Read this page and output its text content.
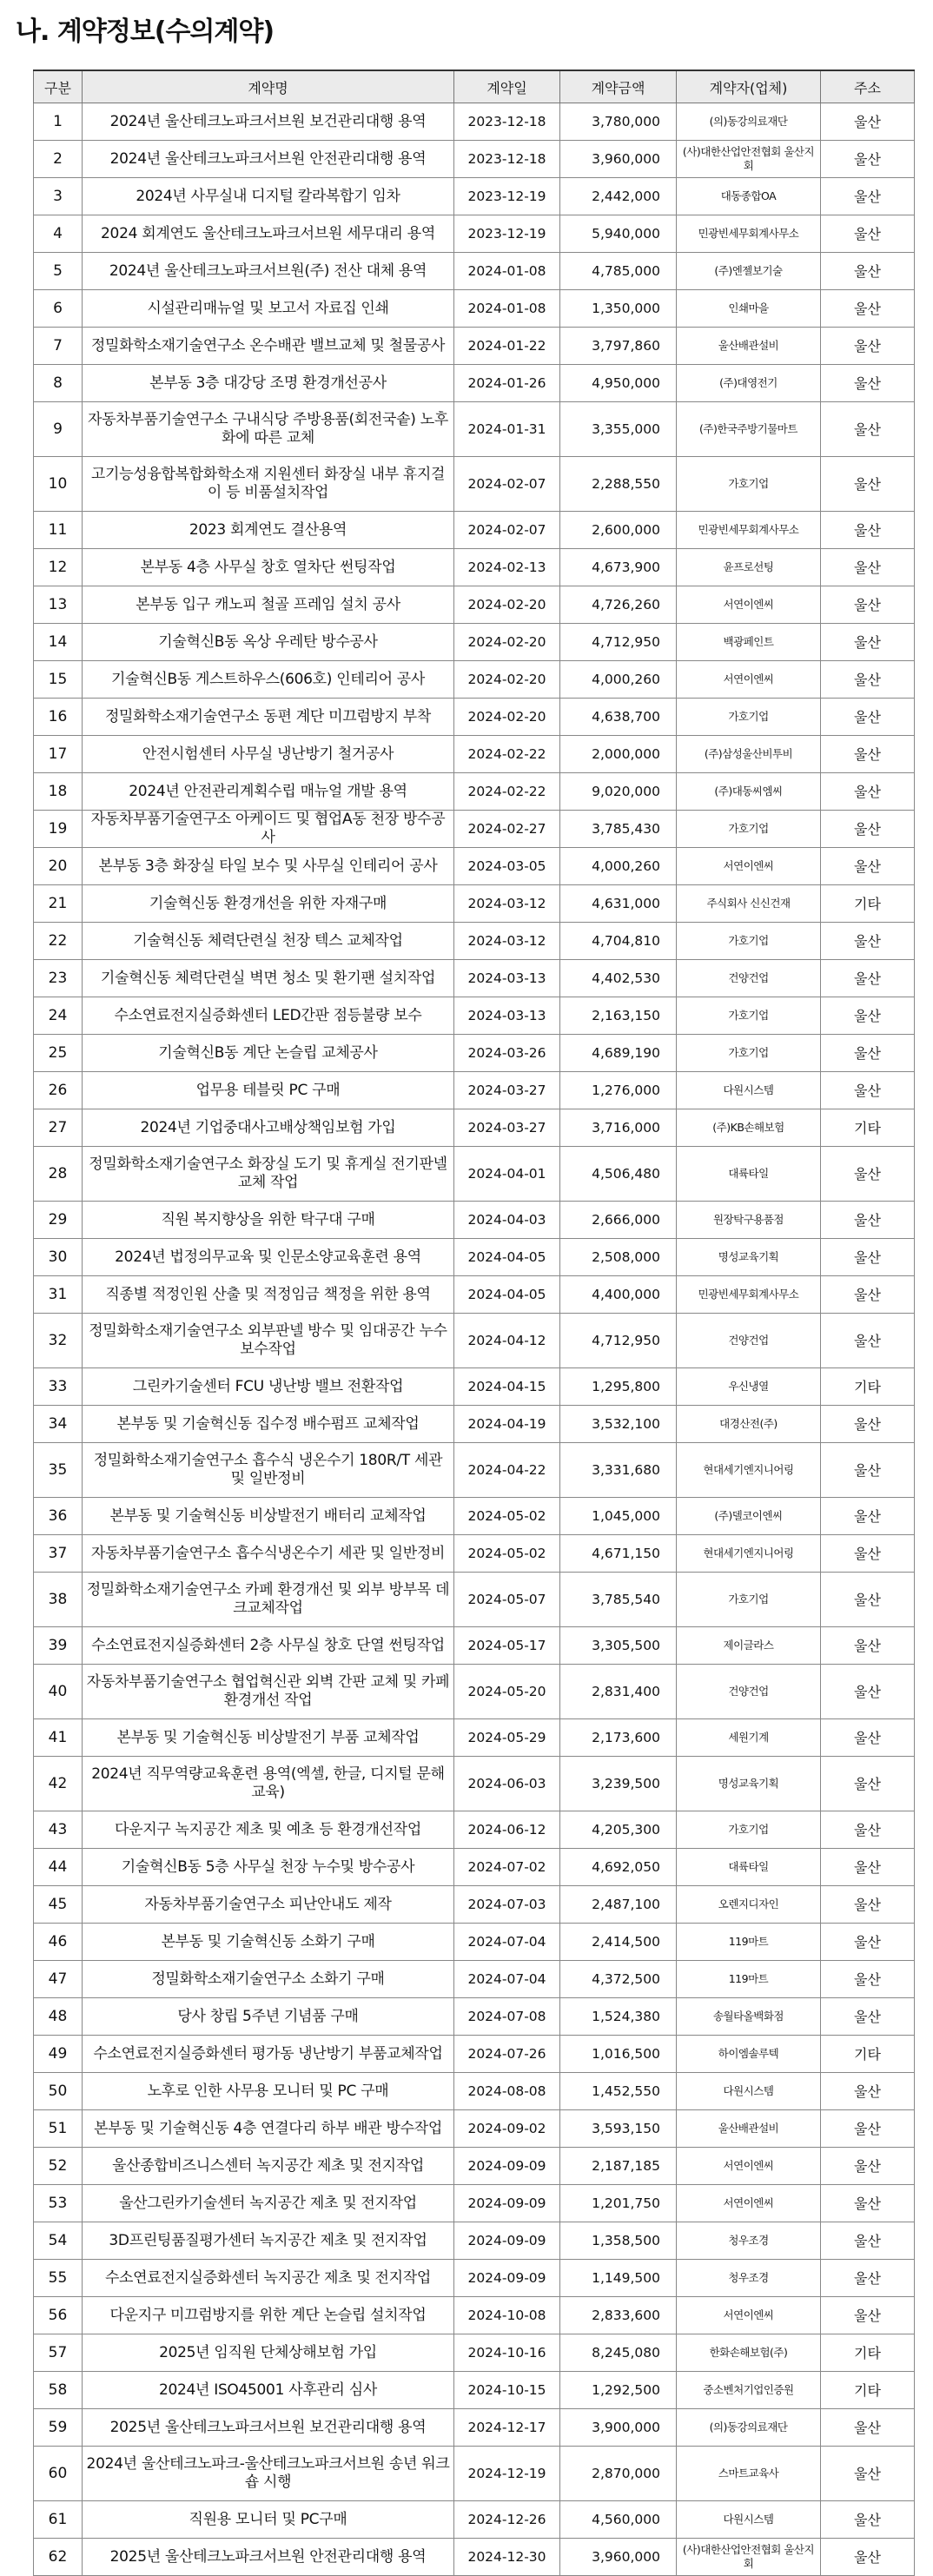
나. 계약정보(수의계약)
구분	계약명	계약일	계약금액	계약자(업체)	주소
1	2024년 울산테크노파크서브원 보건관리대행 용역	2023-12-18	3,780,000	(의)동강의료재단	울산
2	2024년 울산테크노파크서브원 안전관리대행 용역	2023-12-18	3,960,000	(사)대한산업안전협회 울산지회	울산
3	2024년 사무실내 디지털 칼라복합기 임차	2023-12-19	2,442,000	대동종합OA	울산
4	2024 회계연도 울산테크노파크서브원 세무대리 용역	2023-12-19	5,940,000	민광빈세무회계사무소	울산
5	2024년 울산테크노파크서브원(주) 전산 대체 용역	2024-01-08	4,785,000	(주)엔젤보기술	울산
6	시설관리매뉴얼 및 보고서 자료집 인쇄	2024-01-08	1,350,000	인쇄마을	울산
7	정밀화학소재기술연구소 온수배관 밸브교체 및 철물공사	2024-01-22	3,797,860	울산배관설비	울산
8	본부동 3층 대강당 조명 환경개선공사	2024-01-26	4,950,000	(주)대영전기	울산
9	자동차부품기술연구소 구내식당 주방용품(회전국솥) 노후화에 따른 교체	2024-01-31	3,355,000	(주)한국주방기물마트	울산
10	고기능성융합복합화학소재 지원센터 화장실 내부 휴지걸이 등 비품설치작업	2024-02-07	2,288,550	가호기업	울산
11	2023 회계연도 결산용역	2024-02-07	2,600,000	민광빈세무회계사무소	울산
12	본부동 4층 사무실 창호 열차단 썬팅작업	2024-02-13	4,673,900	윤프로선팅	울산
13	본부동 입구 캐노피 철골 프레임 설치 공사	2024-02-20	4,726,260	서연이엔씨	울산
14	기술혁신B동 옥상 우레탄 방수공사	2024-02-20	4,712,950	백광페인트	울산
15	기술혁신B동 게스트하우스(606호) 인테리어 공사	2024-02-20	4,000,260	서연이엔씨	울산
16	정밀화학소재기술연구소 동편 계단 미끄럼방지 부착	2024-02-20	4,638,700	가호기업	울산
17	안전시험센터 사무실 냉난방기 철거공사	2024-02-22	2,000,000	(주)삼성울산비투비	울산
18	2024년 안전관리계획수립 매뉴얼 개발 용역	2024-02-22	9,020,000	(주)대동씨엠씨	울산
19	자동차부품기술연구소 아케이드 및 협업A동 천장 방수공사	2024-02-27	3,785,430	가호기업	울산
20	본부동 3층 화장실 타일 보수 및 사무실 인테리어 공사	2024-03-05	4,000,260	서연이엔씨	울산
21	기술혁신동 환경개선을 위한 자재구매	2024-03-12	4,631,000	주식회사 신신건재	기타
22	기술혁신동 체력단련실 천장 텍스 교체작업	2024-03-12	4,704,810	가호기업	울산
23	기술혁신동 체력단련실 벽면 청소 및 환기팬 설치작업	2024-03-13	4,402,530	건양건업	울산
24	수소연료전지실증화센터 LED간판 점등불량 보수	2024-03-13	2,163,150	가호기업	울산
25	기술혁신B동 계단 논슬립 교체공사	2024-03-26	4,689,190	가호기업	울산
26	업무용 테블릿 PC 구매	2024-03-27	1,276,000	다원시스템	울산
27	2024년 기업중대사고배상책임보험 가입	2024-03-27	3,716,000	(주)KB손해보험	기타
28	정밀화학소재기술연구소 화장실 도기 및 휴게실 전기판넬 교체 작업	2024-04-01	4,506,480	대륙타일	울산
29	직원 복지향상을 위한 탁구대 구매	2024-04-03	2,666,000	원장탁구용품점	울산
30	2024년 법정의무교육 및 인문소양교육훈련 용역	2024-04-05	2,508,000	명성교육기획	울산
31	직종별 적정인원 산출 및 적정임금 책정을 위한 용역	2024-04-05	4,400,000	민광빈세무회계사무소	울산
32	정밀화학소재기술연구소 외부판넬 방수 및 임대공간 누수 보수작업	2024-04-12	4,712,950	건양건업	울산
33	그린카기술센터 FCU 냉난방 밸브 전환작업	2024-04-15	1,295,800	우신냉열	기타
34	본부동 및 기술혁신동 집수정 배수펌프 교체작업	2024-04-19	3,532,100	대경산전(주)	울산
35	정밀화학소재기술연구소 흡수식 냉온수기 180R/T 세관 및 일반정비	2024-04-22	3,331,680	현대세기엔지니어링	울산
36	본부동 및 기술혁신동 비상발전기 배터리 교체작업	2024-05-02	1,045,000	(주)델코이엔씨	울산
37	자동차부품기술연구소 흡수식냉온수기 세관 및 일반정비	2024-05-02	4,671,150	현대세기엔지니어링	울산
38	정밀화학소재기술연구소 카페 환경개선 및 외부 방부목 데크교체작업	2024-05-07	3,785,540	가호기업	울산
39	수소연료전지실증화센터 2층 사무실 창호 단열 썬팅작업	2024-05-17	3,305,500	제이글라스	울산
40	자동차부품기술연구소 협업혁신관 외벽 간판 교체 및 카페 환경개선 작업	2024-05-20	2,831,400	건양건업	울산
41	본부동 및 기술혁신동 비상발전기 부품 교체작업	2024-05-29	2,173,600	세원기계	울산
42	2024년 직무역량교육훈련 용역(엑셀, 한글, 디지털 문해교육)	2024-06-03	3,239,500	명성교육기획	울산
43	다운지구 녹지공간 제초 및 예초 등 환경개선작업	2024-06-12	4,205,300	가호기업	울산
44	기술혁신B동 5층 사무실 천장 누수및 방수공사	2024-07-02	4,692,050	대륙타일	울산
45	자동차부품기술연구소 피난안내도 제작	2024-07-03	2,487,100	오렌지디자인	울산
46	본부동 및 기술혁신동 소화기 구매	2024-07-04	2,414,500	119마트	울산
47	정밀화학소재기술연구소 소화기 구매	2024-07-04	4,372,500	119마트	울산
48	당사 창립 5주년 기념품 구매	2024-07-08	1,524,380	송월타올백화점	울산
49	수소연료전지실증화센터 평가동 냉난방기 부품교체작업	2024-07-26	1,016,500	하이엠솔루텍	기타
50	노후로 인한 사무용 모니터 및 PC 구매	2024-08-08	1,452,550	다원시스템	울산
51	본부동 및 기술혁신동 4층 연결다리 하부 배관 방수작업	2024-09-02	3,593,150	울산배관설비	울산
52	울산종합비즈니스센터 녹지공간 제초 및 전지작업	2024-09-09	2,187,185	서연이엔씨	울산
53	울산그린카기술센터 녹지공간 제초 및 전지작업	2024-09-09	1,201,750	서연이엔씨	울산
54	3D프린팅품질평가센터 녹지공간 제초 및 전지작업	2024-09-09	1,358,500	청우조경	울산
55	수소연료전지실증화센터 녹지공간 제초 및 전지작업	2024-09-09	1,149,500	청우조경	울산
56	다운지구 미끄럼방지를 위한 계단 논슬립 설치작업	2024-10-08	2,833,600	서연이엔씨	울산
57	2025년 임직원 단체상해보험 가입	2024-10-16	8,245,080	한화손해보험(주)	기타
58	2024년 ISO45001 사후관리 심사	2024-10-15	1,292,500	중소벤처기업인증원	기타
59	2025년 울산테크노파크서브원 보건관리대행 용역	2024-12-17	3,900,000	(의)동강의료재단	울산
60	2024년 울산테크노파크-울산테크노파크서브원 송년 워크숍 시행	2024-12-19	2,870,000	스마트교육사	울산
61	직원용 모니터 및 PC구매	2024-12-26	4,560,000	다원시스템	울산
62	2025년 울산테크노파크서브원 안전관리대행 용역	2024-12-30	3,960,000	(사)대한산업안전협회 울산지회	울산
